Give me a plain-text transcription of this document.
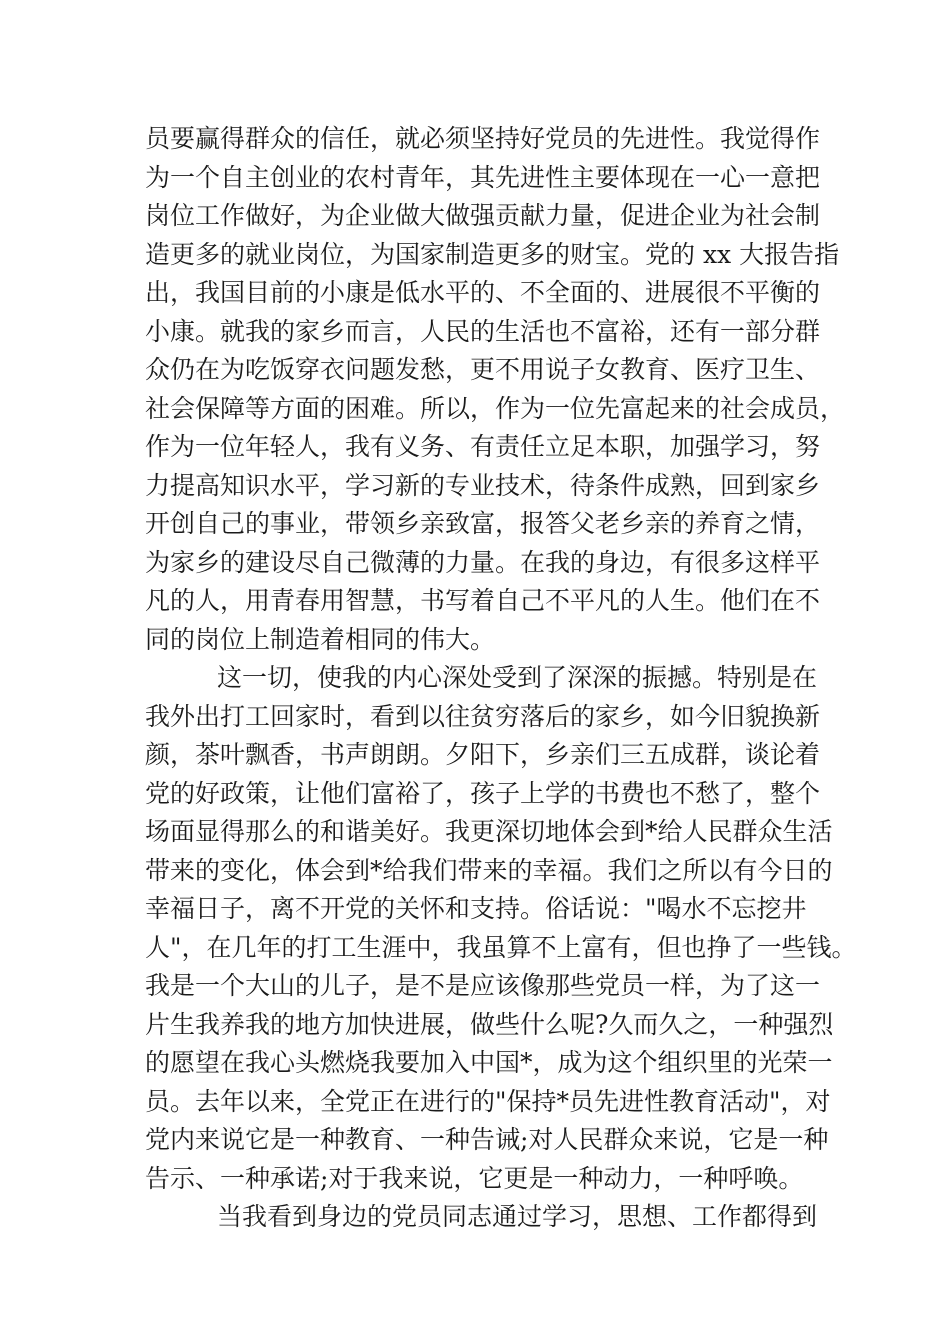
员要赢得群众的信任，就必须坚持好党员的先进性。我觉得作
为一个自主创业的农村青年，其先进性主要体现在一心一意把
岗位工作做好，为企业做大做强贡献力量，促进企业为社会制
造更多的就业岗位，为国家制造更多的财宝。党的 xx 大报告指
出，我国目前的小康是低水平的、不全面的、进展很不平衡的
小康。就我的家乡而言，人民的生活也不富裕，还有一部分群
众仍在为吃饭穿衣问题发愁，更不用说子女教育、医疗卫生、
社会保障等方面的困难。所以，作为一位先富起来的社会成员，
作为一位年轻人，我有义务、有责任立足本职，加强学习，努
力提高知识水平，学习新的专业技术，待条件成熟，回到家乡
开创自己的事业，带领乡亲致富，报答父老乡亲的养育之情，
为家乡的建设尽自己微薄的力量。在我的身边，有很多这样平
凡的人，用青春用智慧，书写着自己不平凡的人生。他们在不
同的岗位上制造着相同的伟大。
这一切，使我的内心深处受到了深深的振撼。特别是在
我外出打工回家时，看到以往贫穷落后的家乡，如今旧貌换新
颜，茶叶飘香，书声朗朗。夕阳下，乡亲们三五成群，谈论着
党的好政策，让他们富裕了，孩子上学的书费也不愁了，整个
场面显得那么的和谐美好。我更深切地体会到*给人民群众生活
带来的变化，体会到*给我们带来的幸福。我们之所以有今日的
幸福日子，离不开党的关怀和支持。俗话说："喝水不忘挖井
人"，在几年的打工生涯中，我虽算不上富有，但也挣了一些钱。
我是一个大山的儿子，是不是应该像那些党员一样，为了这一
片生我养我的地方加快进展，做些什么呢?久而久之，一种强烈
的愿望在我心头燃烧我要加入中国*，成为这个组织里的光荣一
员。去年以来，全党正在进行的"保持*员先进性教育活动"，对
党内来说它是一种教育、一种告诫;对人民群众来说，它是一种
告示、一种承诺;对于我来说，它更是一种动力，一种呼唤。
当我看到身边的党员同志通过学习，思想、工作都得到
